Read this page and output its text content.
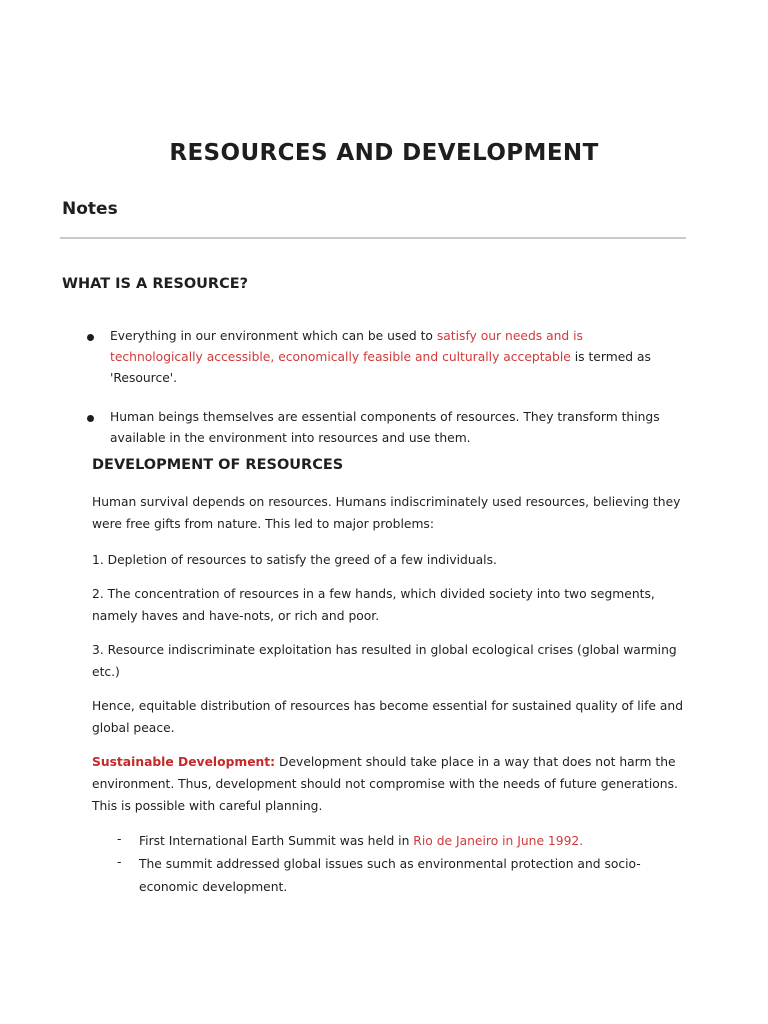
RESOURCES AND DEVELOPMENT
Notes
WHAT IS A RESOURCE?
Everything in our environment which can be used to satisfy our needs and is technologically accessible, economically feasible and culturally acceptable is termed as 'Resource'.
Human beings themselves are essential components of resources. They transform things available in the environment into resources and use them.
DEVELOPMENT OF RESOURCES

Human survival depends on resources. Humans indiscriminately used resources, believing they were free gifts from nature. This led to major problems:

1. Depletion of resources to satisfy the greed of a few individuals.

2. The concentration of resources in a few hands, which divided society into two segments, namely haves and have-nots, or rich and poor.

3. Resource indiscriminate exploitation has resulted in global ecological crises (global warming etc.)

Hence, equitable distribution of resources has become essential for sustained quality of life and global peace.

Sustainable Development: Development should take place in a way that does not harm the environment. Thus, development should not compromise with the needs of future generations. This is possible with careful planning.

- First International Earth Summit was held in Rio de Janeiro in June 1992.
- The summit addressed global issues such as environmental protection and socio-economic development.
